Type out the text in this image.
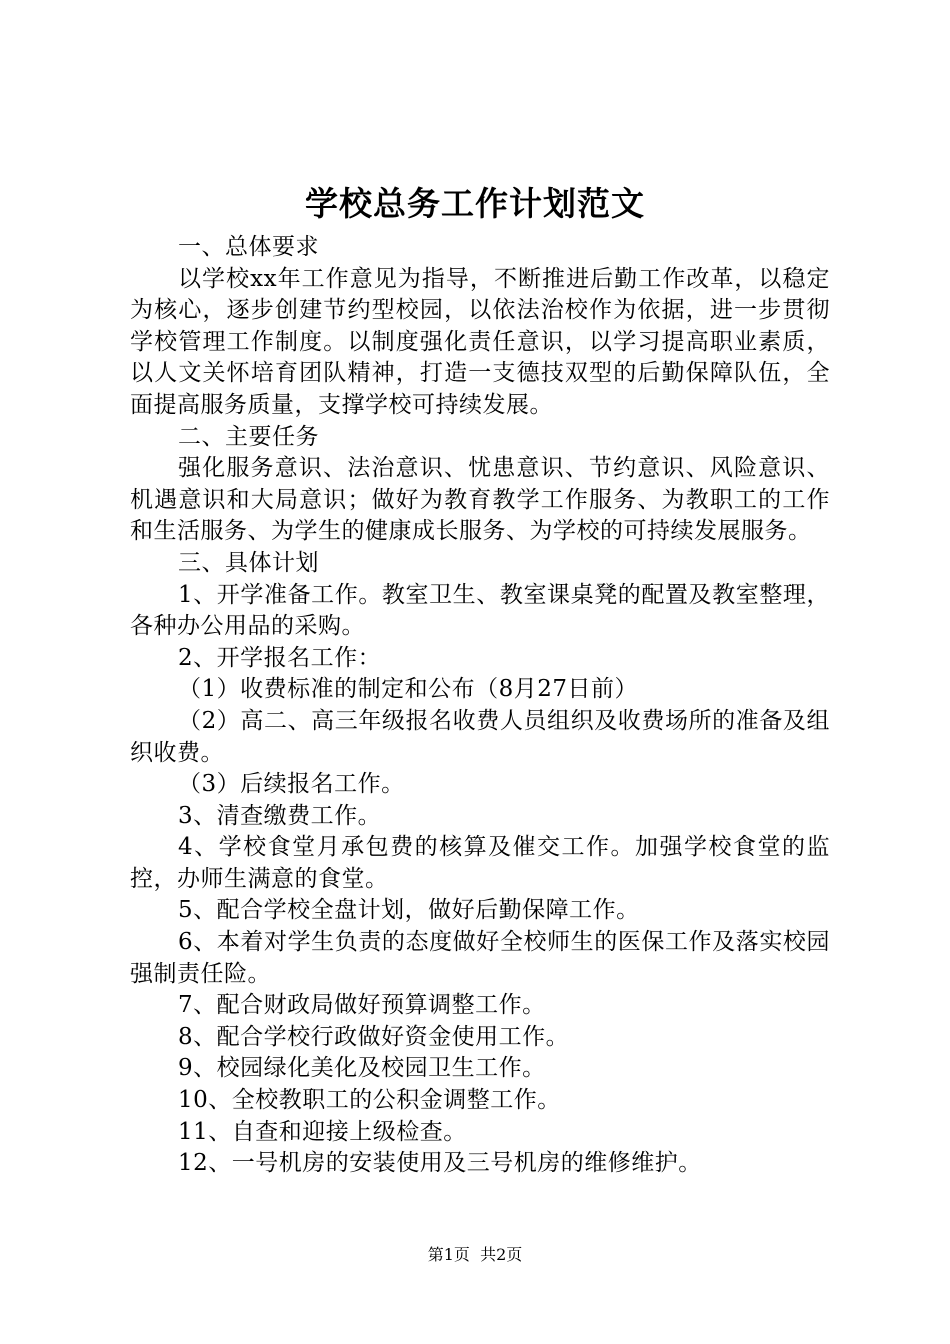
学校总务工作计划范文

一、总体要求

以学校xx年工作意见为指导，不断推进后勤工作改革，以稳定为核心，逐步创建节约型校园，以依法治校作为依据，进一步贯彻学校管理工作制度。以制度强化责任意识，以学习提高职业素质，以人文关怀培育团队精神，打造一支德技双型的后勤保障队伍，全面提高服务质量，支撑学校可持续发展。

二、主要任务

强化服务意识、法治意识、忧患意识、节约意识、风险意识、机遇意识和大局意识；做好为教育教学工作服务、为教职工的工作和生活服务、为学生的健康成长服务、为学校的可持续发展服务。

三、具体计划

1、开学准备工作。教室卫生、教室课桌凳的配置及教室整理，各种办公用品的采购。

2、开学报名工作：

（1）收费标准的制定和公布（8月27日前）

（2）高二、高三年级报名收费人员组织及收费场所的准备及组织收费。

（3）后续报名工作。

3、清查缴费工作。

4、学校食堂月承包费的核算及催交工作。加强学校食堂的监控，办师生满意的食堂。

5、配合学校全盘计划，做好后勤保障工作。

6、本着对学生负责的态度做好全校师生的医保工作及落实校园强制责任险。

7、配合财政局做好预算调整工作。

8、配合学校行政做好资金使用工作。

9、校园绿化美化及校园卫生工作。

10、全校教职工的公积金调整工作。

11、自查和迎接上级检查。

12、一号机房的安装使用及三号机房的维修维护。

第1页  共2页
